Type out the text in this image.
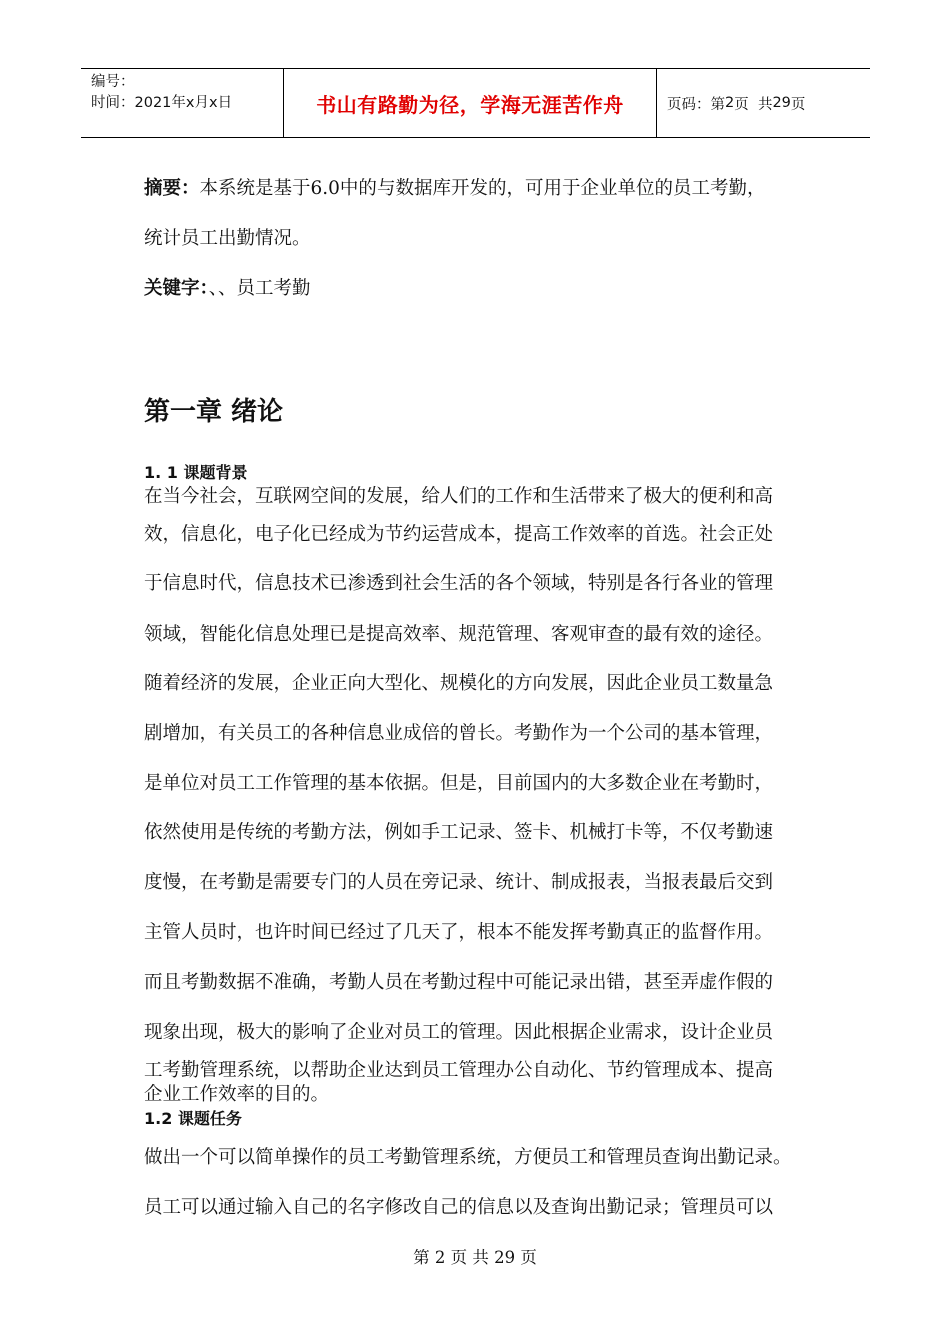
编号：
时间：2021年x月x日	书山有路勤为径，学海无涯苦作舟	页码：第 2 页  共 29 页
摘要：本系统是基于6.0中的与数据库开发的，可用于企业单位的员工考勤，
统计员工出勤情况。
关键字：、、员工考勤
第一章 绪论
1. 1 课题背景
在当今社会，互联网空间的发展，给人们的工作和生活带来了极大的便利和高
效，信息化，电子化已经成为节约运营成本，提高工作效率的首选。社会正处
于信息时代，信息技术已渗透到社会生活的各个领域，特别是各行各业的管理
领域，智能化信息处理已是提高效率、规范管理、客观审查的最有效的途径。
随着经济的发展，企业正向大型化、规模化的方向发展，因此企业员工数量急
剧增加，有关员工的各种信息业成倍的曾长。考勤作为一个公司的基本管理，
是单位对员工工作管理的基本依据。但是，目前国内的大多数企业在考勤时，
依然使用是传统的考勤方法，例如手工记录、签卡、机械打卡等，不仅考勤速
度慢，在考勤是需要专门的人员在旁记录、统计、制成报表，当报表最后交到
主管人员时，也许时间已经过了几天了，根本不能发挥考勤真正的监督作用。
而且考勤数据不准确，考勤人员在考勤过程中可能记录出错，甚至弄虚作假的
现象出现，极大的影响了企业对员工的管理。因此根据企业需求，设计企业员
工考勤管理系统，以帮助企业达到员工管理办公自动化、节约管理成本、提高
企业工作效率的目的。
1.2 课题任务
做出一个可以简单操作的员工考勤管理系统，方便员工和管理员查询出勤记录。
员工可以通过输入自己的名字修改自己的信息以及查询出勤记录；管理员可以
第 2 页 共 29 页
